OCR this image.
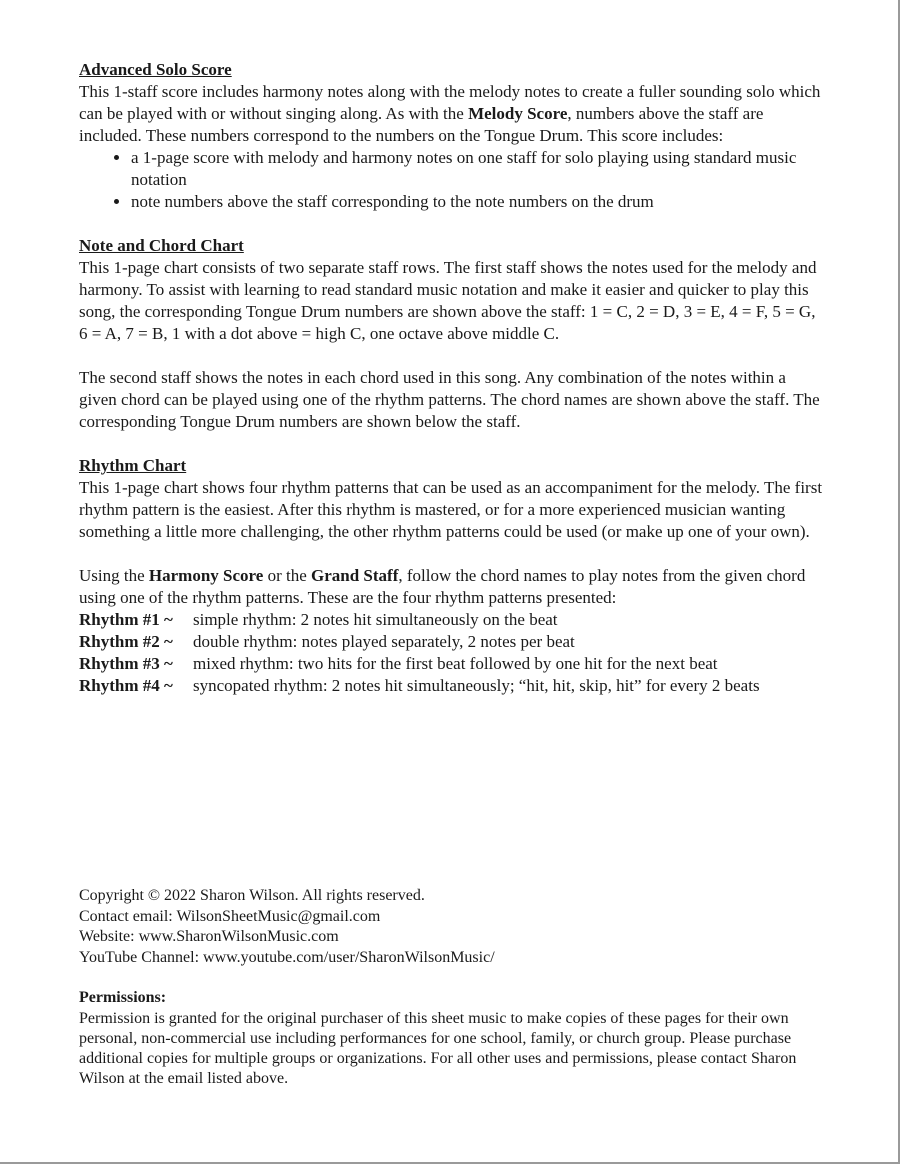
Advanced Solo Score

This 1-staff score includes harmony notes along with the melody notes to create a fuller sounding solo which can be played with or without singing along. As with the Melody Score, numbers above the staff are included. These numbers correspond to the numbers on the Tongue Drum. This score includes:

• a 1-page score with melody and harmony notes on one staff for solo playing using standard music notation
• note numbers above the staff corresponding to the note numbers on the drum
Note and Chord Chart

This 1-page chart consists of two separate staff rows. The first staff shows the notes used for the melody and harmony. To assist with learning to read standard music notation and make it easier and quicker to play this song, the corresponding Tongue Drum numbers are shown above the staff: 1 = C, 2 = D, 3 = E, 4 = F, 5 = G, 6 = A, 7 = B, 1 with a dot above = high C, one octave above middle C.

The second staff shows the notes in each chord used in this song. Any combination of the notes within a given chord can be played using one of the rhythm patterns. The chord names are shown above the staff. The corresponding Tongue Drum numbers are shown below the staff.

Rhythm Chart

This 1-page chart shows four rhythm patterns that can be used as an accompaniment for the melody. The first rhythm pattern is the easiest. After this rhythm is mastered, or for a more experienced musician wanting something a little more challenging, the other rhythm patterns could be used (or make up one of your own).

Using the Harmony Score or the Grand Staff, follow the chord names to play notes from the given chord using one of the rhythm patterns. These are the four rhythm patterns presented:

Rhythm #1 ~	simple rhythm: 2 notes hit simultaneously on the beat
Rhythm #2 ~	double rhythm: notes played separately, 2 notes per beat
Rhythm #3 ~	mixed rhythm: two hits for the first beat followed by one hit for the next beat
Rhythm #4 ~	syncopated rhythm: 2 notes hit simultaneously; “hit, hit, skip, hit” for every 2 beats
Copyright © 2022 Sharon Wilson. All rights reserved.
Contact email: WilsonSheetMusic@gmail.com
Website: www.SharonWilsonMusic.com
YouTube Channel: www.youtube.com/user/SharonWilsonMusic/
Permissions:
Permission is granted for the original purchaser of this sheet music to make copies of these pages for their own personal, non-commercial use including performances for one school, family, or church group. Please purchase additional copies for multiple groups or organizations. For all other uses and permissions, please contact Sharon Wilson at the email listed above.
